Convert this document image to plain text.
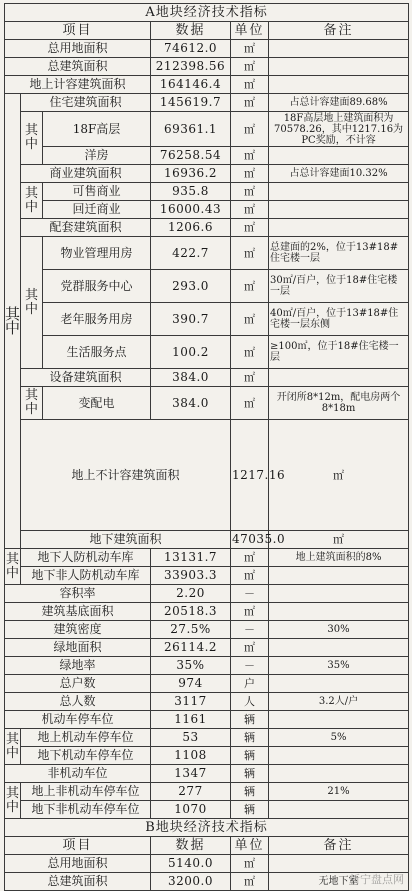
A地块经济技术指标						
项目			数据	单位	备注	
总用地面积			74612.0	㎡		
总建筑面积			212398.56	㎡		
地上计容建筑面积			164146.4	㎡		
其中	住宅建筑面积		145619.7	㎡	占总计容建面89.68%	
	其中	18F高层	69361.1	㎡	18F高层地上建筑面积为70578.26，其中1217.16为PC奖励，不计容	
		洋房	76258.54	㎡		
	商业建筑面积		16936.2	㎡	占总计容建面10.32%	
	其中	可售商业	935.8	㎡		
		回迁商业	16000.43	㎡		
	配套建筑面积		1206.6	㎡		
	其中	物业管理用房	422.7	㎡	总建面的2%，位于13#18#住宅楼一层	
		党群服务中心	293.0	㎡	30㎡/百户，位于18#住宅楼一层	
		老年服务用房	390.7	㎡	40㎡/百户，位于13#18#住宅楼一层东侧	
		生活服务点	100.2	㎡	≥100㎡，位于18#住宅楼一层	
	设备建筑面积		384.0	㎡		
	其中	变配电	384.0	㎡	开闭所8*12m，配电房两个8*18m	
	地上不计容建筑面积			1217.16	㎡	
	地下建筑面积			47035.0	㎡	
其中	地下人防机动车库		13131.7	㎡	地上建筑面积的8%	
	地下非人防机动车库		33903.3	㎡		
容积率			2.20	－		
建筑基底面积			20518.3	㎡		
建筑密度			27.5%	－	30%	
绿地面积			26114.2	㎡		
绿地率			35%	－	35%	
总户数			974	户		
总人数			3117	人	3.2人/户	
机动车停车位			1161	辆		
其中	地上机动车停车位		53	辆	5%	
	地下机动车停车位		1108	辆		
非机动车位			1347	辆		
其中	地上非机动车停车位		277	辆	21%	
	地下非机动车停车位		1070	辆		
B地块经济技术指标						
项目			数据	单位	备注	
总用地面积			5140.0	㎡		
总建筑面积			3200.0	㎡	无地下室	
新宁盘点网
